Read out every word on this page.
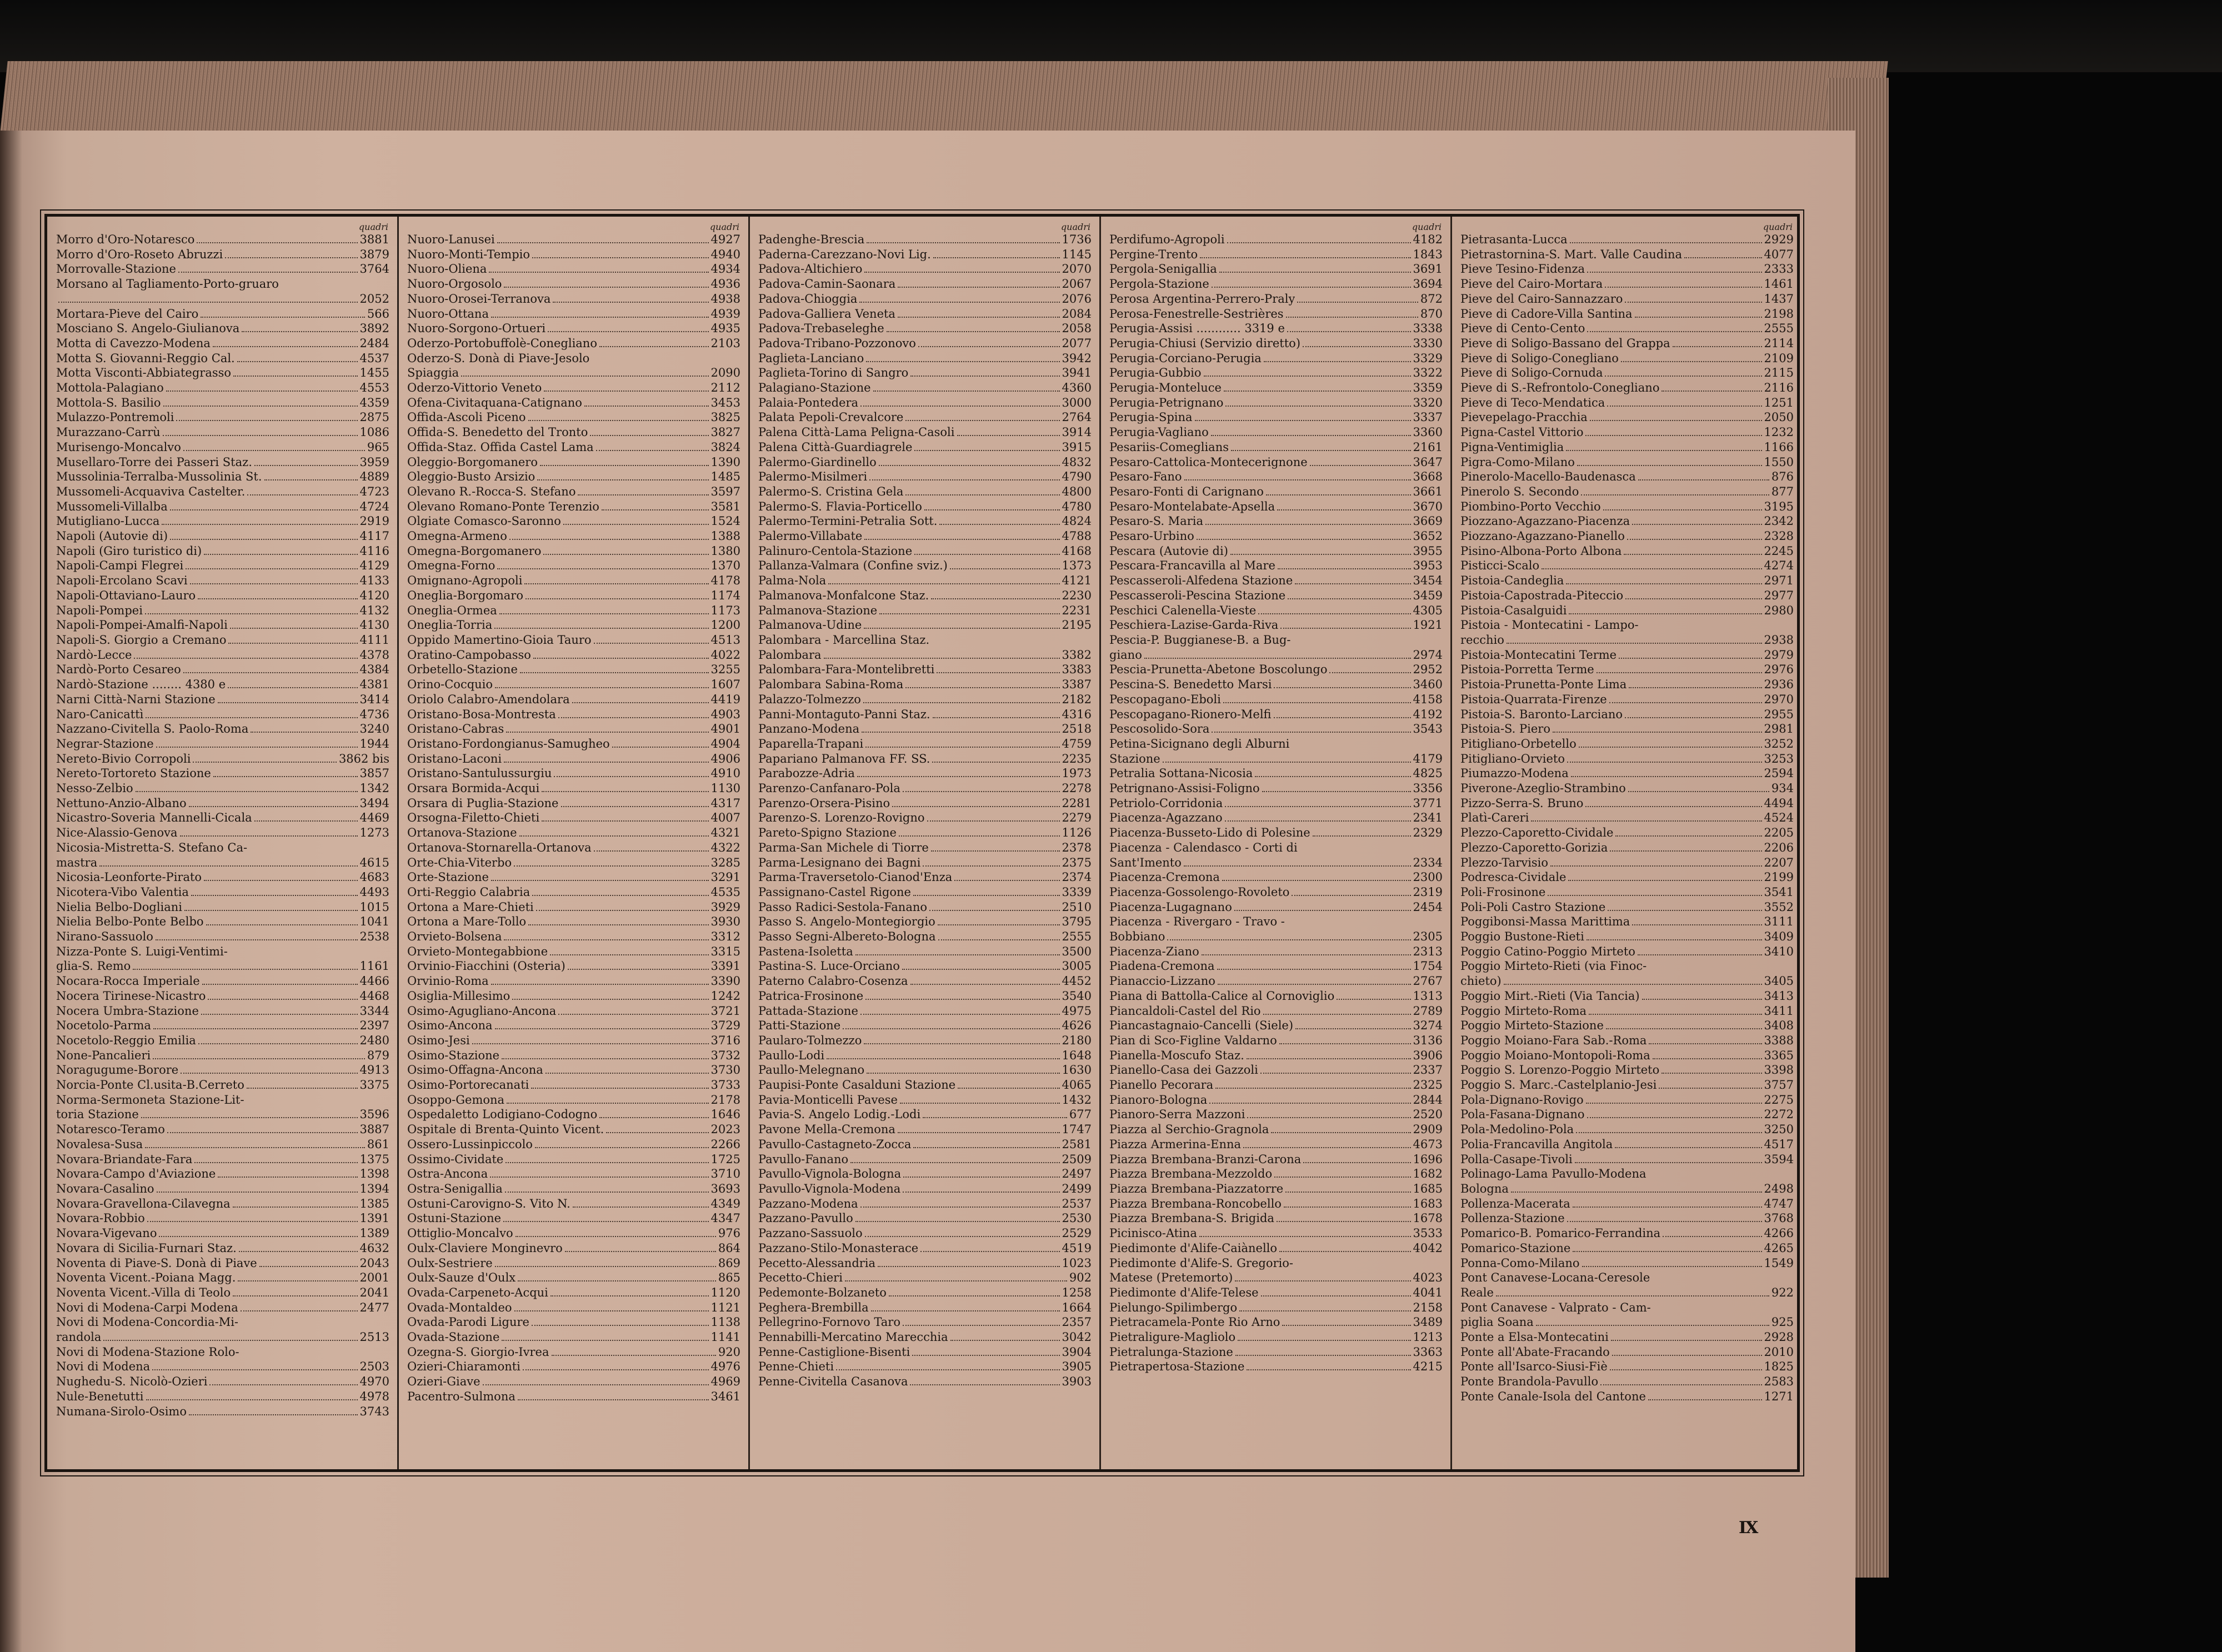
quadri
Morro d'Oro-Notaresco	3881
Morro d'Oro-Roseto Abruzzi	3879
Morrovalle-Stazione	3764
Morsano al Tagliamento-Porto-gruaro
2052
Mortara-Pieve del Cairo	566
Mosciano S. Angelo-Giulianova	3892
Motta di Cavezzo-Modena	2484
Motta S. Giovanni-Reggio Cal.	4537
Motta Visconti-Abbiategrasso	1455
Mottola-Palagiano	4553
Mottola-S. Basilio	4359
Mulazzo-Pontremoli	2875
Murazzano-Carrù	1086
Murisengo-Moncalvo	965
Musellaro-Torre dei Passeri Staz.	3959
Mussolinia-Terralba-Mussolinia St.	4889
Mussomeli-Acquaviva Castelter.	4723
Mussomeli-Villalba	4724
Mutigliano-Lucca	2919
Napoli (Autovie di)	4117
Napoli (Giro turistico di)	4116
Napoli-Campi Flegrei	4129
Napoli-Ercolano Scavi	4133
Napoli-Ottaviano-Lauro	4120
Napoli-Pompei	4132
Napoli-Pompei-Amalfi-Napoli	4130
Napoli-S. Giorgio a Cremano	4111
Nardò-Lecce	4378
Nardò-Porto Cesareo	4384
Nardò-Stazione ........ 4380 e	4381
Narni Città-Narni Stazione	3414
Naro-Canicattì	4736
Nazzano-Civitella S. Paolo-Roma	3240
Negrar-Stazione	1944
Nereto-Bivio Corropoli	3862 bis
Nereto-Tortoreto Stazione	3857
Nesso-Zelbio	1342
Nettuno-Anzio-Albano	3494
Nicastro-Soveria Mannelli-Cicala	4469
Nice-Alassio-Genova	1273
Nicosia-Mistretta-S. Stefano Ca-
mastra	4615
Nicosia-Leonforte-Pirato	4683
Nicotera-Vibo Valentia	4493
Nielia Belbo-Dogliani	1015
Nielia Belbo-Ponte Belbo	1041
Nirano-Sassuolo	2538
Nizza-Ponte S. Luigi-Ventimi-
glia-S. Remo	1161
Nocara-Rocca Imperiale	4466
Nocera Tirinese-Nicastro	4468
Nocera Umbra-Stazione	3344
Nocetolo-Parma	2397
Nocetolo-Reggio Emilia	2480
None-Pancalieri	879
Noragugume-Borore	4913
Norcia-Ponte Cl.usita-B.Cerreto	3375
Norma-Sermoneta Stazione-Lit-
toria Stazione	3596
Notaresco-Teramo	3887
Novalesa-Susa	861
Novara-Briandate-Fara	1375
Novara-Campo d'Aviazione	1398
Novara-Casalino	1394
Novara-Gravellona-Cilavegna	1385
Novara-Robbio	1391
Novara-Vigevano	1389
Novara di Sicilia-Furnari Staz.	4632
Noventa di Piave-S. Donà di Piave	2043
Noventa Vicent.-Poiana Magg.	2001
Noventa Vicent.-Villa di Teolo	2041
Novi di Modena-Carpi Modena	2477
Novi di Modena-Concordia-Mi-
randola	2513
Novi di Modena-Stazione Rolo-
Novi di Modena	2503
Nughedu-S. Nicolò-Ozieri	4970
Nule-Benetutti	4978
Numana-Sirolo-Osimo	3743
quadri
Nuoro-Lanusei	4927
Nuoro-Monti-Tempio	4940
Nuoro-Oliena	4934
Nuoro-Orgosolo	4936
Nuoro-Orosei-Terranova	4938
Nuoro-Ottana	4939
Nuoro-Sorgono-Ortueri	4935
Oderzo-Portobuffolè-Conegliano	2103
Oderzo-S. Donà di Piave-Jesolo
Spiaggia	2090
Oderzo-Vittorio Veneto	2112
Ofena-Civitaquana-Catignano	3453
Offida-Ascoli Piceno	3825
Offida-S. Benedetto del Tronto	3827
Offida-Staz. Offida Castel Lama	3824
Oleggio-Borgomanero	1390
Oleggio-Busto Arsizio	1485
Olevano R.-Rocca-S. Stefano	3597
Olevano Romano-Ponte Terenzio	3581
Olgiate Comasco-Saronno	1524
Omegna-Armeno	1388
Omegna-Borgomanero	1380
Omegna-Forno	1370
Omignano-Agropoli	4178
Oneglia-Borgomaro	1174
Oneglia-Ormea	1173
Oneglia-Torria	1200
Oppido Mamertino-Gioia Tauro	4513
Oratino-Campobasso	4022
Orbetello-Stazione	3255
Orino-Cocquio	1607
Oriolo Calabro-Amendolara	4419
Oristano-Bosa-Montresta	4903
Oristano-Cabras	4901
Oristano-Fordongianus-Samugheo	4904
Oristano-Laconi	4906
Oristano-Santulussurgiu	4910
Orsara Bormida-Acqui	1130
Orsara di Puglia-Stazione	4317
Orsogna-Filetto-Chieti	4007
Ortanova-Stazione	4321
Ortanova-Stornarella-Ortanova	4322
Orte-Chia-Viterbo	3285
Orte-Stazione	3291
Orti-Reggio Calabria	4535
Ortona a Mare-Chieti	3929
Ortona a Mare-Tollo	3930
Orvieto-Bolsena	3312
Orvieto-Montegabbione	3315
Orvinio-Fiacchini (Osteria)	3391
Orvinio-Roma	3390
Osiglia-Millesimo	1242
Osimo-Agugliano-Ancona	3721
Osimo-Ancona	3729
Osimo-Jesi	3716
Osimo-Stazione	3732
Osimo-Offagna-Ancona	3730
Osimo-Portorecanati	3733
Osoppo-Gemona	2178
Ospedaletto Lodigiano-Codogno	1646
Ospitale di Brenta-Quinto Vicent.	2023
Ossero-Lussinpiccolo	2266
Ossimo-Cividate	1725
Ostra-Ancona	3710
Ostra-Senigallia	3693
Ostuni-Carovigno-S. Vito N.	4349
Ostuni-Stazione	4347
Ottiglio-Moncalvo	976
Oulx-Claviere Monginevro	864
Oulx-Sestriere	869
Oulx-Sauze d'Oulx	865
Ovada-Carpeneto-Acqui	1120
Ovada-Montaldeo	1121
Ovada-Parodi Ligure	1138
Ovada-Stazione	1141
Ozegna-S. Giorgio-Ivrea	920
Ozieri-Chiaramonti	4976
Ozieri-Giave	4969
Pacentro-Sulmona	3461
quadri
Padenghe-Brescia	1736
Paderna-Carezzano-Novi Lig.	1145
Padova-Altichiero	2070
Padova-Camin-Saonara	2067
Padova-Chioggia	2076
Padova-Galliera Veneta	2084
Padova-Trebaseleghe	2058
Padova-Tribano-Pozzonovo	2077
Paglieta-Lanciano	3942
Paglieta-Torino di Sangro	3941
Palagiano-Stazione	4360
Palaia-Pontedera	3000
Palata Pepoli-Crevalcore	2764
Palena Città-Lama Peligna-Casoli	3914
Palena Città-Guardiagrele	3915
Palermo-Giardinello	4832
Palermo-Misilmeri	4790
Palermo-S. Cristina Gela	4800
Palermo-S. Flavia-Porticello	4780
Palermo-Termini-Petralia Sott.	4824
Palermo-Villabate	4788
Palinuro-Centola-Stazione	4168
Pallanza-Valmara (Confine sviz.)	1373
Palma-Nola	4121
Palmanova-Monfalcone Staz.	2230
Palmanova-Stazione	2231
Palmanova-Udine	2195
Palombara - Marcellina Staz.
Palombara	3382
Palombara-Fara-Montelibretti	3383
Palombara Sabina-Roma	3387
Palazzo-Tolmezzo	2182
Panni-Montaguto-Panni Staz.	4316
Panzano-Modena	2518
Paparella-Trapani	4759
Papariano Palmanova FF. SS.	2235
Parabozze-Adria	1973
Parenzo-Canfanaro-Pola	2278
Parenzo-Orsera-Pisino	2281
Parenzo-S. Lorenzo-Rovigno	2279
Pareto-Spigno Stazione	1126
Parma-San Michele di Tiorre	2378
Parma-Lesignano dei Bagni	2375
Parma-Traversetolo-Cianod'Enza	2374
Passignano-Castel Rigone	3339
Passo Radici-Sestola-Fanano	2510
Passo S. Angelo-Montegiorgio	3795
Passo Segni-Albereto-Bologna	2555
Pastena-Isoletta	3500
Pastina-S. Luce-Orciano	3005
Paterno Calabro-Cosenza	4452
Patrica-Frosinone	3540
Pattada-Stazione	4975
Patti-Stazione	4626
Paularo-Tolmezzo	2180
Paullo-Lodi	1648
Paullo-Melegnano	1630
Paupisi-Ponte Casalduni Stazione	4065
Pavia-Monticelli Pavese	1432
Pavia-S. Angelo Lodig.-Lodi	677
Pavone Mella-Cremona	1747
Pavullo-Castagneto-Zocca	2581
Pavullo-Fanano	2509
Pavullo-Vignola-Bologna	2497
Pavullo-Vignola-Modena	2499
Pazzano-Modena	2537
Pazzano-Pavullo	2530
Pazzano-Sassuolo	2529
Pazzano-Stilo-Monasterace	4519
Pecetto-Alessandria	1023
Pecetto-Chieri	902
Pedemonte-Bolzaneto	1258
Peghera-Brembilla	1664
Pellegrino-Fornovo Taro	2357
Pennabilli-Mercatino Marecchia	3042
Penne-Castiglione-Bisenti	3904
Penne-Chieti	3905
Penne-Civitella Casanova	3903
quadri
Perdifumo-Agropoli	4182
Pergine-Trento	1843
Pergola-Senigallia	3691
Pergola-Stazione	3694
Perosa Argentina-Perrero-Praly	872
Perosa-Fenestrelle-Sestrières	870
Perugia-Assisi ............ 3319 e	3338
Perugia-Chiusi (Servizio diretto)	3330
Perugia-Corciano-Perugia	3329
Perugia-Gubbio	3322
Perugia-Monteluce	3359
Perugia-Petrignano	3320
Perugia-Spina	3337
Perugia-Vagliano	3360
Pesariis-Comeglians	2161
Pesaro-Cattolica-Montecerignone	3647
Pesaro-Fano	3668
Pesaro-Fonti di Carignano	3661
Pesaro-Montelabate-Apsella	3670
Pesaro-S. Maria	3669
Pesaro-Urbino	3652
Pescara (Autovie di)	3955
Pescara-Francavilla al Mare	3953
Pescasseroli-Alfedena Stazione	3454
Pescasseroli-Pescina Stazione	3459
Peschici Calenella-Vieste	4305
Peschiera-Lazise-Garda-Riva	1921
Pescia-P. Buggianese-B. a Bug-
giano	2974
Pescia-Prunetta-Abetone Boscolungo	2952
Pescina-S. Benedetto Marsi	3460
Pescopagano-Eboli	4158
Pescopagano-Rionero-Melfi	4192
Pescosolido-Sora	3543
Petina-Sicignano degli Alburni
Stazione	4179
Petralia Sottana-Nicosia	4825
Petrignano-Assisi-Foligno	3356
Petriolo-Corridonia	3771
Piacenza-Agazzano	2341
Piacenza-Busseto-Lido di Polesine	2329
Piacenza - Calendasco - Corti di
Sant'Imento	2334
Piacenza-Cremona	2300
Piacenza-Gossolengo-Rovoleto	2319
Piacenza-Lugagnano	2454
Piacenza - Rivergaro - Travo -
Bobbiano	2305
Piacenza-Ziano	2313
Piadena-Cremona	1754
Pianaccio-Lizzano	2767
Piana di Battolla-Calice al Cornoviglio	1313
Piancaldoli-Castel del Rio	2789
Piancastagnaio-Cancelli (Siele)	3274
Pian di Sco-Figline Valdarno	3136
Pianella-Moscufo Staz.	3906
Pianello-Casa dei Gazzoli	2337
Pianello Pecorara	2325
Pianoro-Bologna	2844
Pianoro-Serra Mazzoni	2520
Piazza al Serchio-Gragnola	2909
Piazza Armerina-Enna	4673
Piazza Brembana-Branzi-Carona	1696
Piazza Brembana-Mezzoldo	1682
Piazza Brembana-Piazzatorre	1685
Piazza Brembana-Roncobello	1683
Piazza Brembana-S. Brigida	1678
Picinisco-Atina	3533
Piedimonte d'Alife-Caiànello	4042
Piedimonte d'Alife-S. Gregorio-
Matese (Pretemorto)	4023
Piedimonte d'Alife-Telese	4041
Pielungo-Spilimbergo	2158
Pietracamela-Ponte Rio Arno	3489
Pietraligure-Magliolo	1213
Pietralunga-Stazione	3363
Pietrapertosa-Stazione	4215
quadri
Pietrasanta-Lucca	2929
Pietrastornina-S. Mart. Valle Caudina	4077
Pieve Tesino-Fidenza	2333
Pieve del Cairo-Mortara	1461
Pieve del Cairo-Sannazzaro	1437
Pieve di Cadore-Villa Santina	2198
Pieve di Cento-Cento	2555
Pieve di Soligo-Bassano del Grappa	2114
Pieve di Soligo-Conegliano	2109
Pieve di Soligo-Cornuda	2115
Pieve di S.-Refrontolo-Conegliano	2116
Pieve di Teco-Mendatica	1251
Pievepelago-Pracchia	2050
Pigna-Castel Vittorio	1232
Pigna-Ventimiglia	1166
Pigra-Como-Milano	1550
Pinerolo-Macello-Baudenasca	876
Pinerolo S. Secondo	877
Piombino-Porto Vecchio	3195
Piozzano-Agazzano-Piacenza	2342
Piozzano-Agazzano-Pianello	2328
Pisino-Albona-Porto Albona	2245
Pisticci-Scalo	4274
Pistoia-Candeglia	2971
Pistoia-Capostrada-Piteccio	2977
Pistoia-Casalguidi	2980
Pistoia - Montecatini - Lampo-
recchio	2938
Pistoia-Montecatini Terme	2979
Pistoia-Porretta Terme	2976
Pistoia-Prunetta-Ponte Lima	2936
Pistoia-Quarrata-Firenze	2970
Pistoia-S. Baronto-Larciano	2955
Pistoia-S. Piero	2981
Pitigliano-Orbetello	3252
Pitigliano-Orvieto	3253
Piumazzo-Modena	2594
Piverone-Azeglio-Strambino	934
Pizzo-Serra-S. Bruno	4494
Platì-Careri	4524
Plezzo-Caporetto-Cividale	2205
Plezzo-Caporetto-Gorizia	2206
Plezzo-Tarvisio	2207
Podresca-Cividale	2199
Poli-Frosinone	3541
Poli-Poli Castro Stazione	3552
Poggibonsi-Massa Marittima	3111
Poggio Bustone-Rieti	3409
Poggio Catino-Poggio Mirteto	3410
Poggio Mirteto-Rieti (via Finoc-
chieto)	3405
Poggio Mirt.-Rieti (Via Tancia)	3413
Poggio Mirteto-Roma	3411
Poggio Mirteto-Stazione	3408
Poggio Moiano-Fara Sab.-Roma	3388
Poggio Moiano-Montopoli-Roma	3365
Poggio S. Lorenzo-Poggio Mirteto	3398
Poggio S. Marc.-Castelplanio-Jesi	3757
Pola-Dignano-Rovigo	2275
Pola-Fasana-Dignano	2272
Pola-Medolino-Pola	3250
Polia-Francavilla Angitola	4517
Polla-Casape-Tivoli	3594
Polinago-Lama Pavullo-Modena
Bologna	2498
Pollenza-Macerata	4747
Pollenza-Stazione	3768
Pomarico-B. Pomarico-Ferrandina	4266
Pomarico-Stazione	4265
Ponna-Como-Milano	1549
Pont Canavese-Locana-Ceresole
Reale	922
Pont Canavese - Valprato - Cam-
piglia Soana	925
Ponte a Elsa-Montecatini	2928
Ponte all'Abate-Fracando	2010
Ponte all'Isarco-Siusi-Fiè	1825
Ponte Brandola-Pavullo	2583
Ponte Canale-Isola del Cantone	1271
IX
